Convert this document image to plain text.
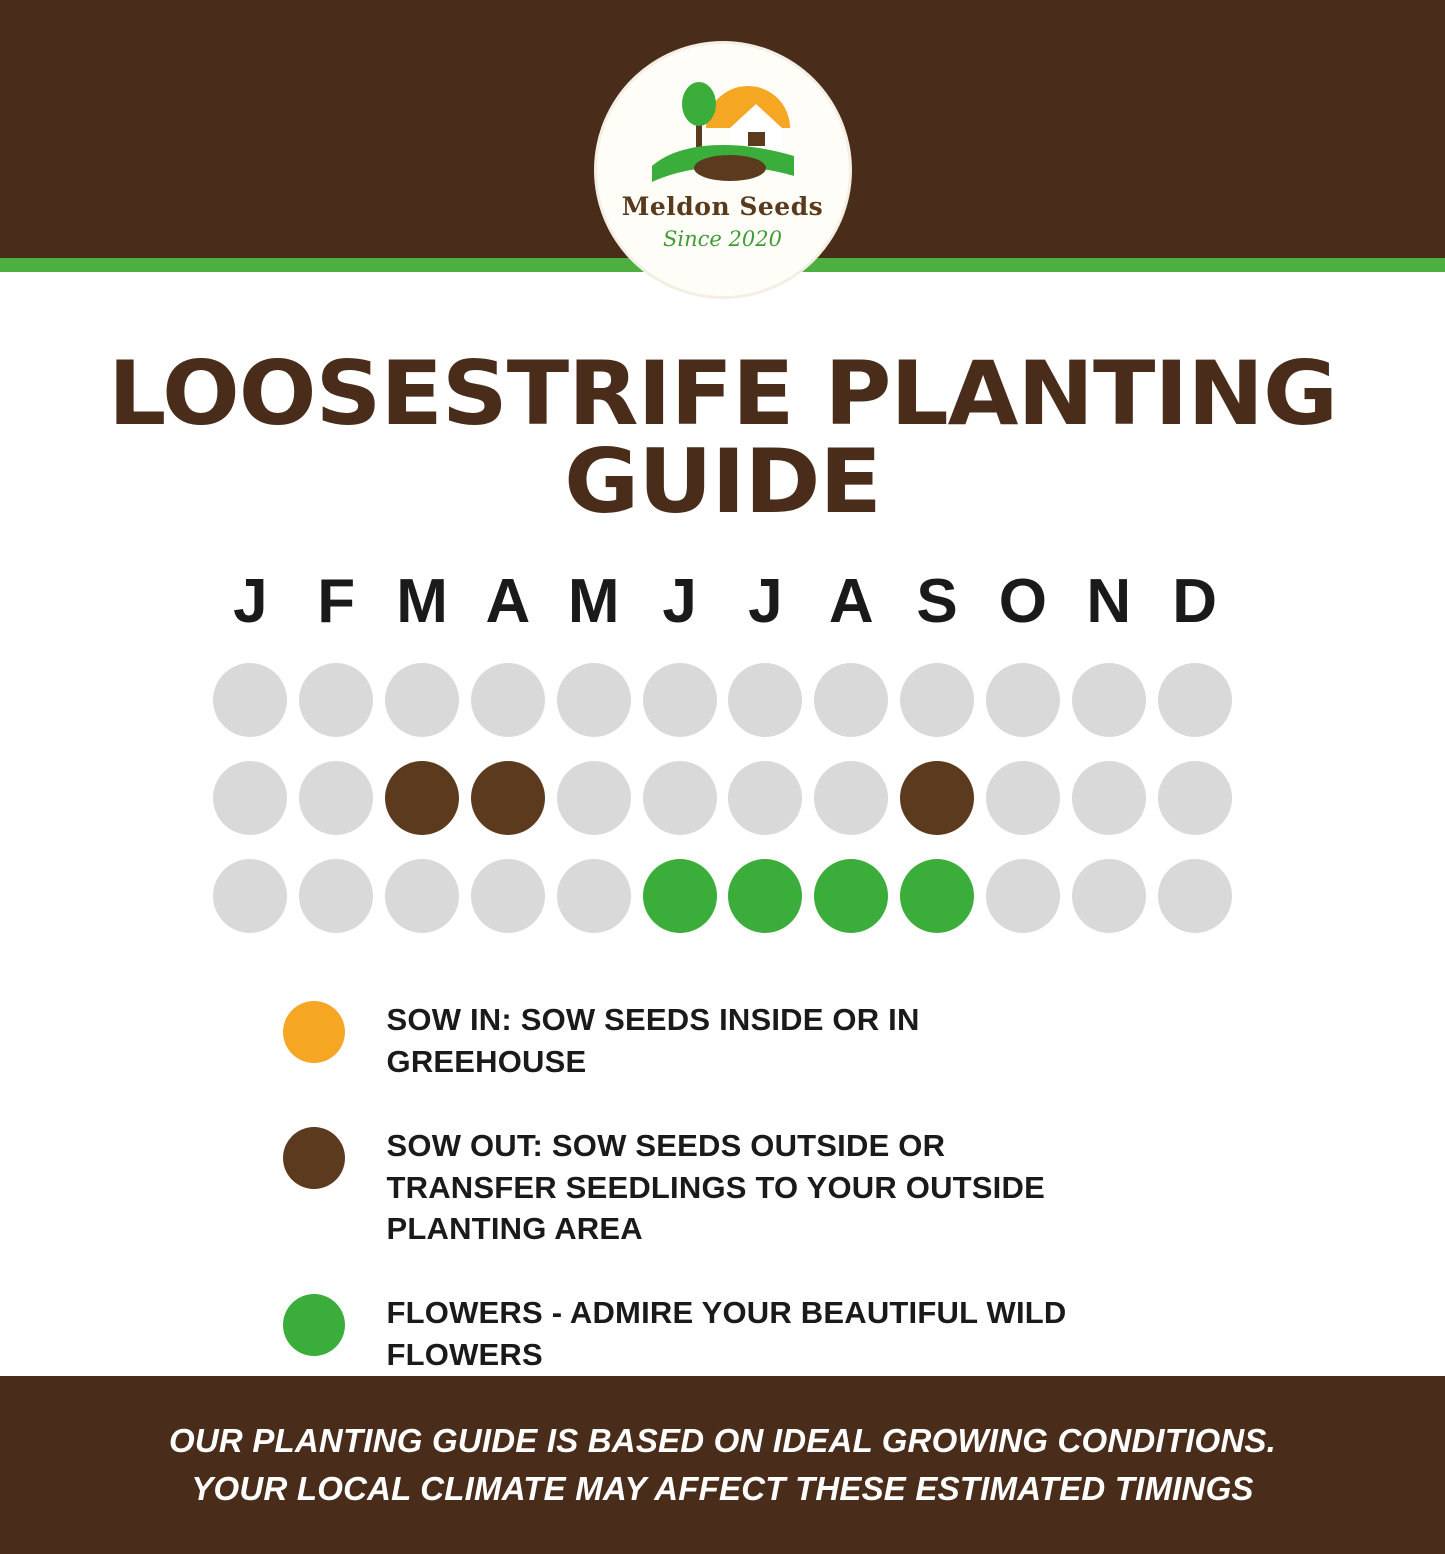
Meldon Seeds
Since 2020
LOOSESTRIFE PLANTING GUIDE
J F M A M J J A S O N D
SOW IN: SOW SEEDS INSIDE OR IN GREEHOUSE
SOW OUT: SOW SEEDS OUTSIDE OR TRANSFER SEEDLINGS TO YOUR OUTSIDE PLANTING AREA
FLOWERS - ADMIRE YOUR BEAUTIFUL WILD FLOWERS
OUR PLANTING GUIDE IS BASED ON IDEAL GROWING CONDITIONS.
YOUR LOCAL CLIMATE MAY AFFECT THESE ESTIMATED TIMINGS
